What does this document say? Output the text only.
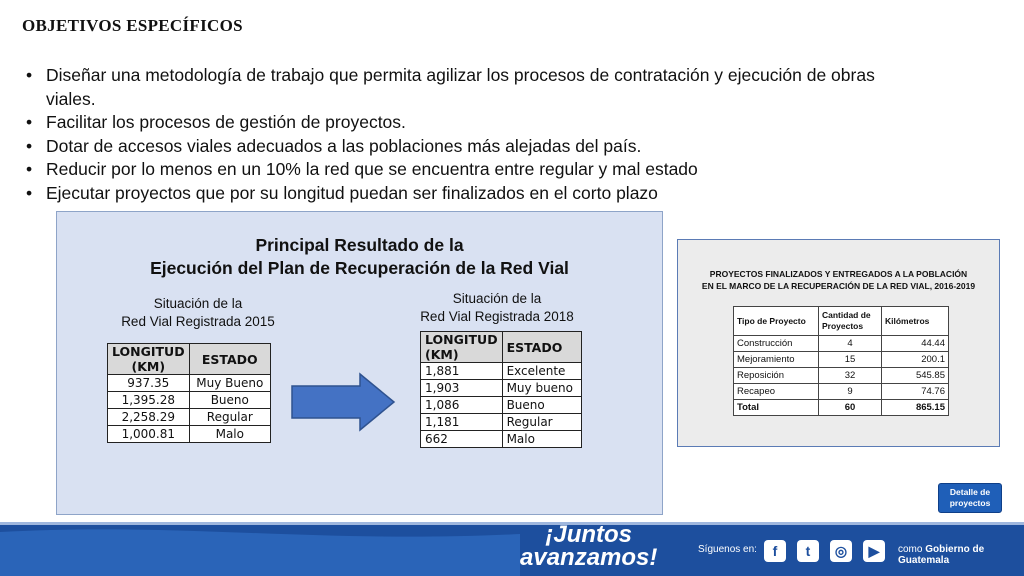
OBJETIVOS ESPECÍFICOS
• Diseñar una metodología de trabajo que permita agilizar los procesos de contratación y ejecución de obras viales.
• Facilitar los procesos de gestión de proyectos.
• Dotar de accesos viales adecuados a las poblaciones más alejadas del país.
• Reducir por lo menos en un 10% la red que se encuentra entre regular y mal estado
• Ejecutar proyectos que por su longitud puedan ser finalizados en el corto plazo
Principal Resultado de la
Ejecución del Plan de Recuperación de la Red Vial
Situación de la
Red Vial Registrada 2015
LONGITUD (KM)	ESTADO
937.35	Muy Bueno
1,395.28	Bueno
2,258.29	Regular
1,000.81	Malo
Situación de la
Red Vial Registrada 2018
LONGITUD (KM)	ESTADO
1,881	Excelente
1,903	Muy bueno
1,086	Bueno
1,181	Regular
662	Malo
PROYECTOS FINALIZADOS Y ENTREGADOS A LA POBLACIÓN
EN EL MARCO DE LA RECUPERACIÓN DE LA RED VIAL, 2016-2019
Tipo de Proyecto	Cantidad de Proyectos	Kilómetros
Construcción	4	44.44
Mejoramiento	15	200.1
Reposición	32	545.85
Recapeo	9	74.76
Total	60	865.15
Detalle de proyectos
¡Juntos
avanzamos!	Síguenos en:	f	t	◎	▶	como Gobierno de Guatemala
